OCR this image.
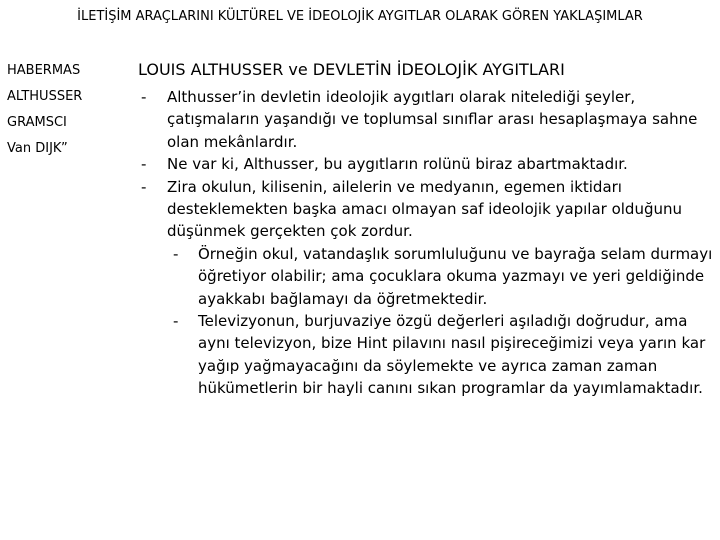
İLETİŞİM ARAÇLARINI KÜLTÜREL VE İDEOLOJİK AYGITLAR OLARAK GÖREN YAKLAŞIMLAR
HABERMAS
ALTHUSSER
GRAMSCI
Van DIJK”
LOUIS ALTHUSSER ve DEVLETİN İDEOLOJİK AYGITLARI
- Althusser’in devletin ideolojik aygıtları olarak nitelediği şeyler, çatışmaların yaşandığı ve toplumsal sınıflar arası hesaplaşmaya sahne olan mekânlardır.
- Ne var ki, Althusser, bu aygıtların rolünü biraz abartmaktadır.
- Zira okulun, kilisenin, ailelerin ve medyanın, egemen iktidarı desteklemekten başka amacı olmayan saf ideolojik yapılar olduğunu düşünmek gerçekten çok zordur.
- Örneğin okul, vatandaşlık sorumluluğunu ve bayrağa selam durmayı öğretiyor olabilir; ama çocuklara okuma yazmayı ve yeri geldiğinde ayakkabı bağlamayı da öğretmektedir.
- Televizyonun, burjuvaziye özgü değerleri aşıladığı doğrudur, ama aynı televizyon, bize Hint pilavını nasıl pişireceğimizi veya yarın kar yağıp yağmayacağını da söylemekte ve ayrıca zaman zaman hükümetlerin bir hayli canını sıkan programlar da yayımlamaktadır.
